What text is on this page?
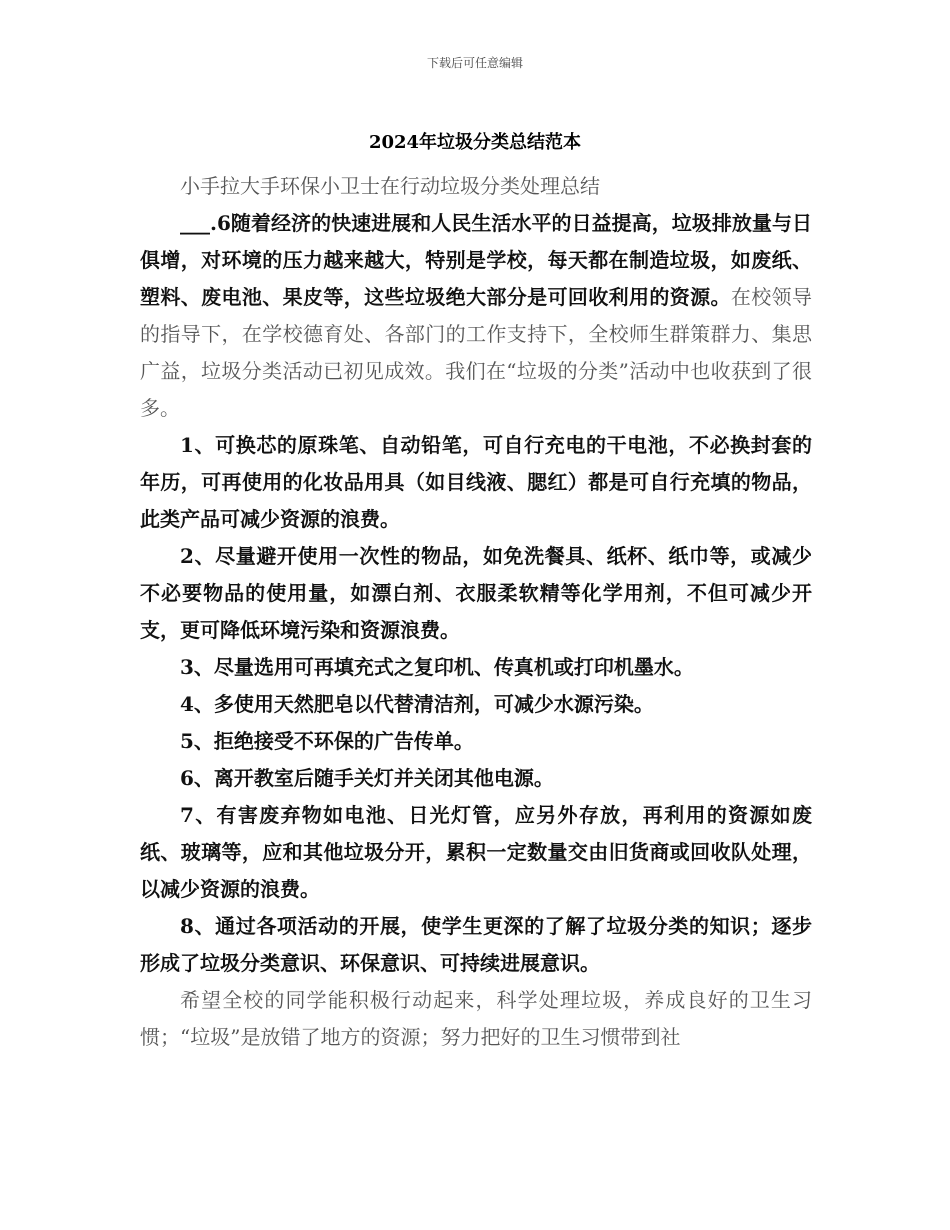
下载后可任意编辑
2024年垃圾分类总结范本

小手拉大手环保小卫士在行动垃圾分类处理总结

___.6随着经济的快速进展和人民生活水平的日益提高，垃圾排放量与日俱增，对环境的压力越来越大，特别是学校，每天都在制造垃圾，如废纸、塑料、废电池、果皮等，这些垃圾绝大部分是可回收利用的资源。在校领导的指导下，在学校德育处、各部门的工作支持下，全校师生群策群力、集思广益，垃圾分类活动已初见成效。我们在“垃圾的分类”活动中也收获到了很多。

1、可换芯的原珠笔、自动铅笔，可自行充电的干电池，不必换封套的年历，可再使用的化妆品用具（如目线液、腮红）都是可自行充填的物品，此类产品可减少资源的浪费。

2、尽量避开使用一次性的物品，如免洗餐具、纸杯、纸巾等，或减少不必要物品的使用量，如漂白剂、衣服柔软精等化学用剂，不但可减少开支，更可降低环境污染和资源浪费。

3、尽量选用可再填充式之复印机、传真机或打印机墨水。

4、多使用天然肥皂以代替清洁剂，可减少水源污染。

5、拒绝接受不环保的广告传单。

6、离开教室后随手关灯并关闭其他电源。

7、有害废弃物如电池、日光灯管，应另外存放，再利用的资源如废纸、玻璃等，应和其他垃圾分开，累积一定数量交由旧货商或回收队处理，以减少资源的浪费。

8、通过各项活动的开展，使学生更深的了解了垃圾分类的知识；逐步形成了垃圾分类意识、环保意识、可持续进展意识。

希望全校的同学能积极行动起来，科学处理垃圾，养成良好的卫生习惯；“垃圾”是放错了地方的资源；努力把好的卫生习惯带到社
